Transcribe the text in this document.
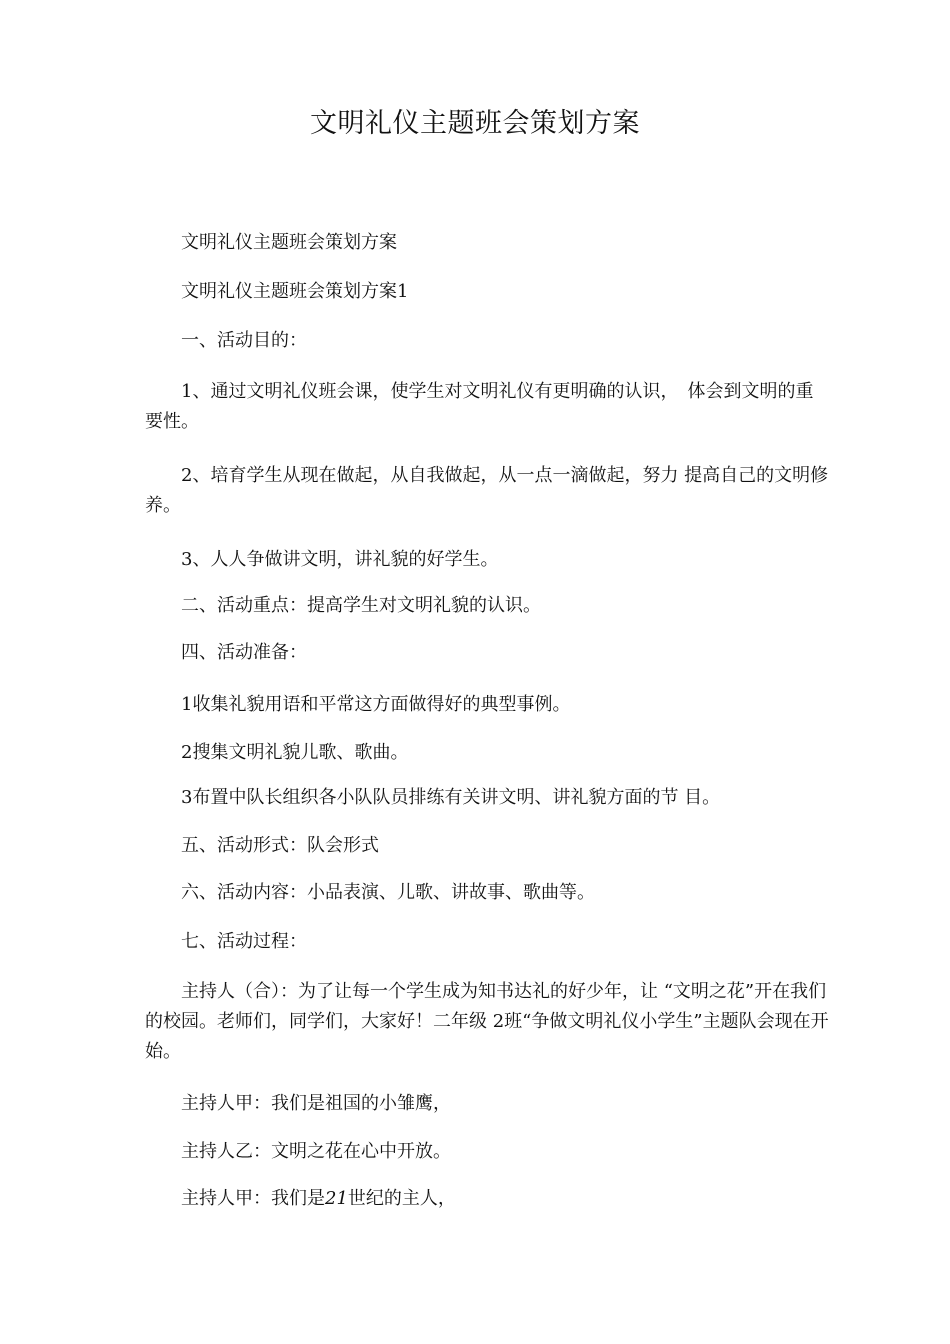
文明礼仪主题班会策划方案

文明礼仪主题班会策划方案

文明礼仪主题班会策划方案1

一、活动目的：

1、通过文明礼仪班会课，使学生对文明礼仪有更明确的认识，　体会到文明的重要性。

2、培育学生从现在做起，从自我做起，从一点一滴做起，努力 提高自己的文明修养。

3、人人争做讲文明，讲礼貌的好学生。

二、活动重点：提高学生对文明礼貌的认识。

四、活动准备：

1收集礼貌用语和平常这方面做得好的典型事例。

2搜集文明礼貌儿歌、歌曲。

3布置中队长组织各小队队员排练有关讲文明、讲礼貌方面的节 目。

五、活动形式：队会形式

六、活动内容：小品表演、儿歌、讲故事、歌曲等。

七、活动过程：

主持人（合）：为了让每一个学生成为知书达礼的好少年，让 “文明之花”开在我们的校园。老师们，同学们，大家好！二年级 2班“争做文明礼仪小学生”主题队会现在开始。

主持人甲：我们是祖国的小雏鹰，

主持人乙：文明之花在心中开放。

主持人甲：我们是21世纪的主人，
